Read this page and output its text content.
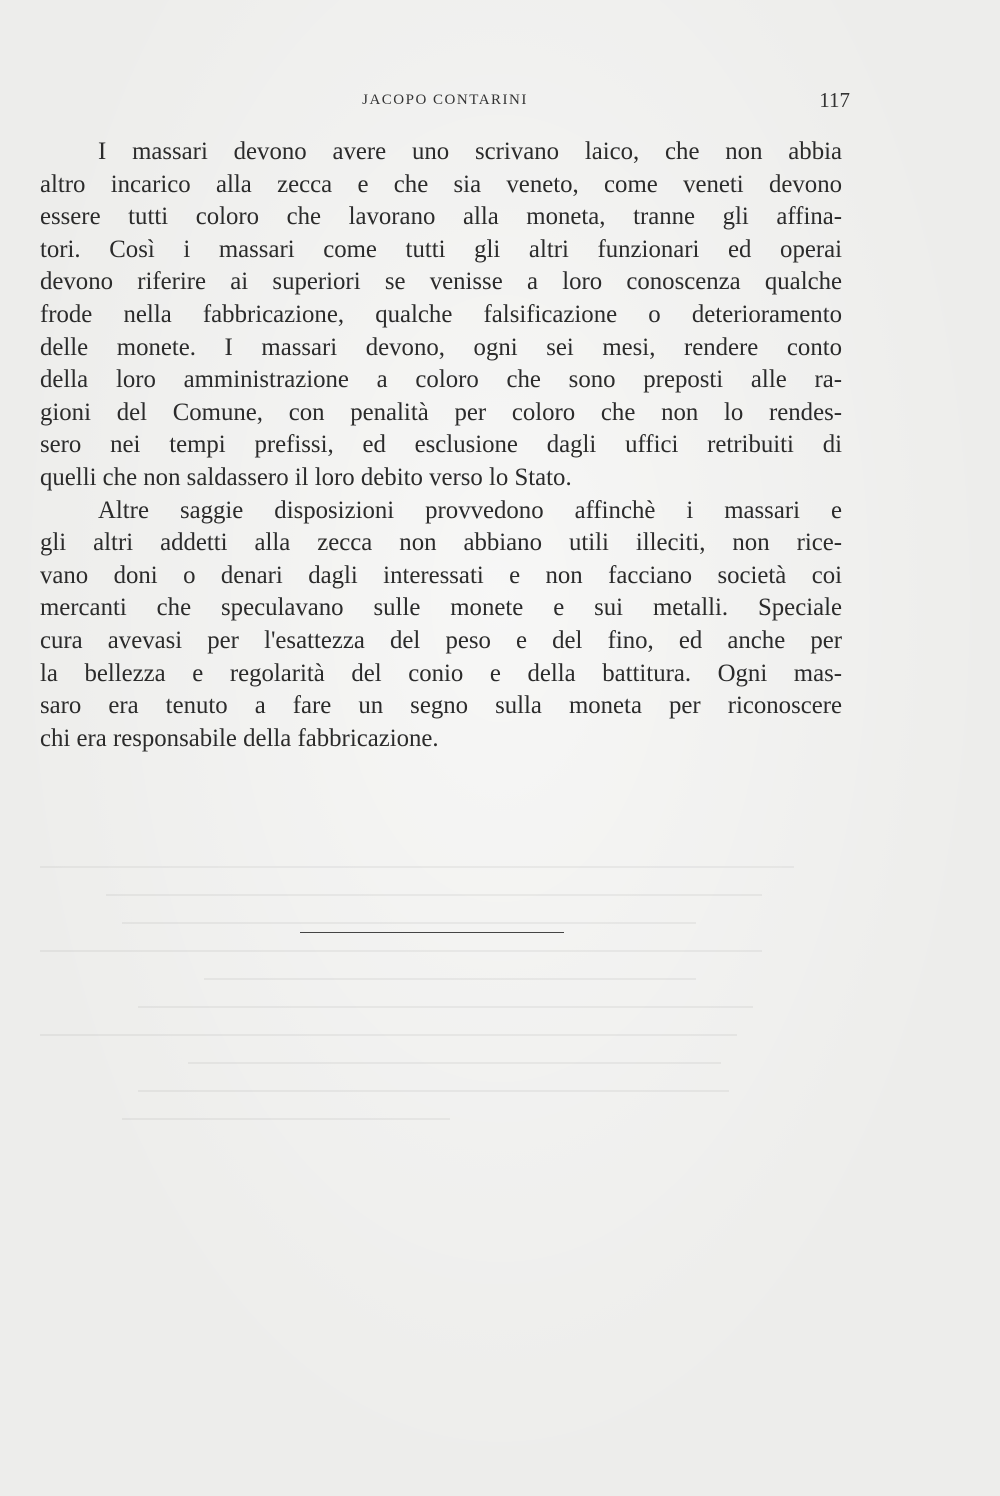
JACOPO CONTARINI	117
I massari devono avere uno scrivano laico, che non abbia
altro incarico alla zecca e che sia veneto, come veneti devono
essere tutti coloro che lavorano alla moneta, tranne gli affina-
tori. Così i massari come tutti gli altri funzionari ed operai
devono riferire ai superiori se venisse a loro conoscenza qualche
frode nella fabbricazione, qualche falsificazione o deterioramento
delle monete. I massari devono, ogni sei mesi, rendere conto
della loro amministrazione a coloro che sono preposti alle ra-
gioni del Comune, con penalità per coloro che non lo rendes-
sero nei tempi prefissi, ed esclusione dagli uffici retribuiti di
quelli che non saldassero il loro debito verso lo Stato.
Altre saggie disposizioni provvedono affinchè i massari e
gli altri addetti alla zecca non abbiano utili illeciti, non rice-
vano doni o denari dagli interessati e non facciano società coi
mercanti che speculavano sulle monete e sui metalli. Speciale
cura avevasi per l'esattezza del peso e del fino, ed anche per
la bellezza e regolarità del conio e della battitura. Ogni mas-
saro era tenuto a fare un segno sulla moneta per riconoscere
chi era responsabile della fabbricazione.
